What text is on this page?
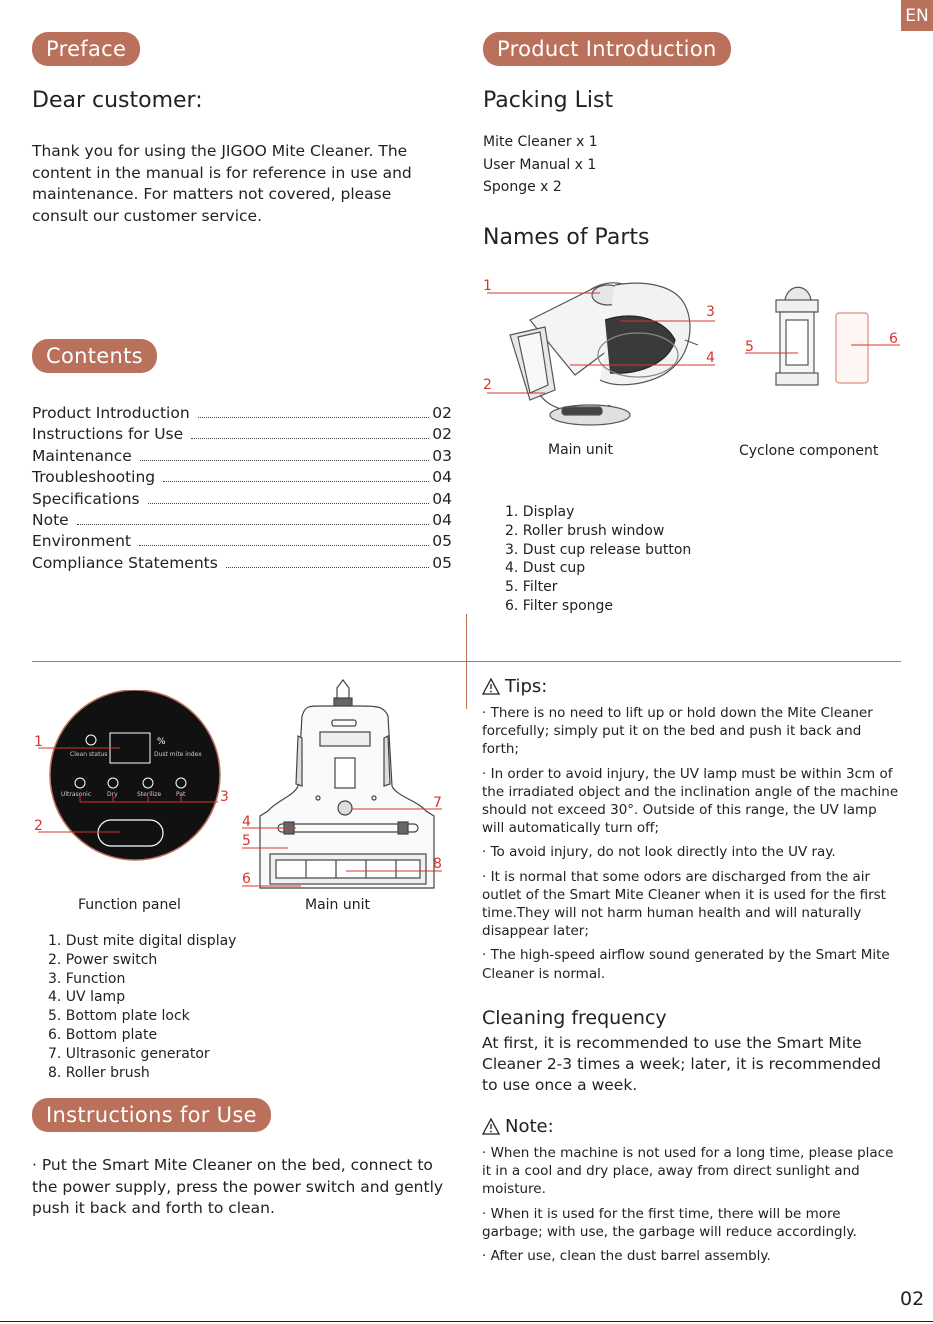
EN
Preface
Dear customer:
Thank you for using the JIGOO Mite Cleaner. The content in the manual is for reference in use and maintenance. For matters not covered, please consult our customer service.
Contents
Product Introduction	02
Instructions for Use	02
Maintenance	03
Troubleshooting	04
Specifications	04
Note	04
Environment	05
Compliance Statements	05
Product Introduction
Packing List
Mite Cleaner x 1
User Manual x 1
Sponge x 2
Names of Parts
1
2
3
4
5	6
Main unit	Cyclone component
1. Display
2. Roller brush window
3. Dust cup release button
4. Dust cup
5. Filter
6. Filter sponge
%
Clean status	Dust mite index
Ultrasonic	Dry	Sterilize Pat
1
2
3
Function panel
4
5
6
7
8
Main unit
1. Dust mite digital display
2. Power switch
3. Function
4. UV lamp
5. Bottom plate lock
6. Bottom plate
7. Ultrasonic generator
8. Roller brush
Instructions for Use
· Put the Smart Mite Cleaner on the bed, connect to the power supply, press the power switch and gently push it back and forth to clean.
Tips:

· There is no need to lift up or hold down the Mite Cleaner forcefully; simply put it on the bed and push it back and forth;

· In order to avoid injury, the UV lamp must be within 3cm of the irradiated object and the inclination angle of the machine should not exceed 30°. Outside of this range, the UV lamp will automatically turn off;

· To avoid injury, do not look directly into the UV ray.

· It is normal that some odors are discharged from the air outlet of the Smart Mite Cleaner when it is used for the first time.They will not harm human health and will naturally disappear later;

· The high-speed airflow sound generated by the Smart Mite Cleaner is normal.

Cleaning frequency
At first, it is recommended to use the Smart Mite Cleaner 2-3 times a week; later, it is recommended to use once a week.
Note:

· When the machine is not used for a long time, please place it in a cool and dry place, away from direct sunlight and moisture.

· When it is used for the first time, there will be more garbage; with use, the garbage will reduce accordingly.

· After use, clean the dust barrel assembly.

02
